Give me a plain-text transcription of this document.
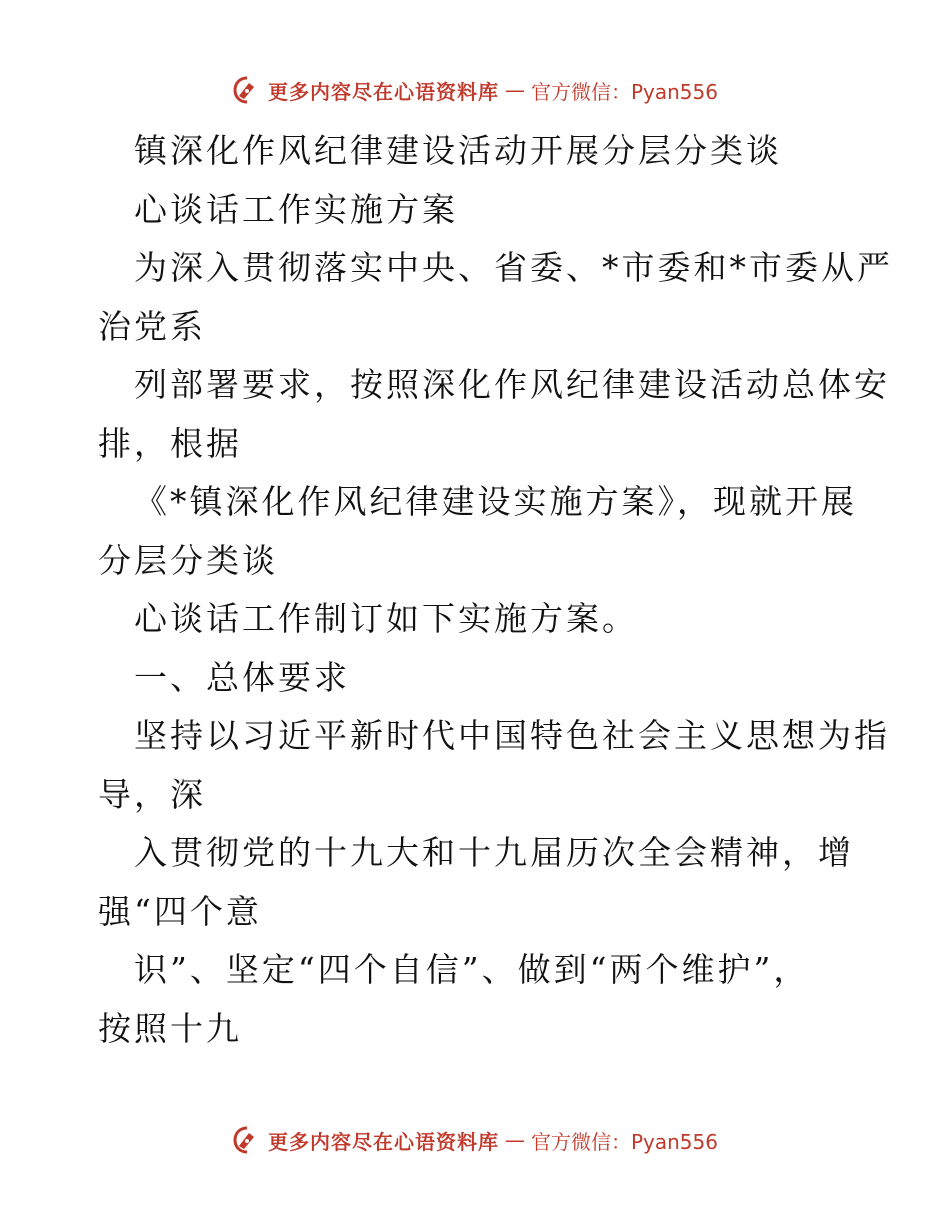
更多内容尽在心语资料库 — 官方微信：Pyan556
镇深化作风纪律建设活动开展分层分类谈
心谈话工作实施方案
为深入贯彻落实中央、省委、*市委和*市委从严
治党系
列部署要求，按照深化作风纪律建设活动总体安
排，根据
《*镇深化作风纪律建设实施方案》，现就开展
分层分类谈
心谈话工作制订如下实施方案。
一、总体要求
坚持以习近平新时代中国特色社会主义思想为指
导，深
入贯彻党的十九大和十九届历次全会精神，增
强“四个意
识”、坚定“四个自信”、做到“两个维护”，
按照十九
更多内容尽在心语资料库 — 官方微信：Pyan556
